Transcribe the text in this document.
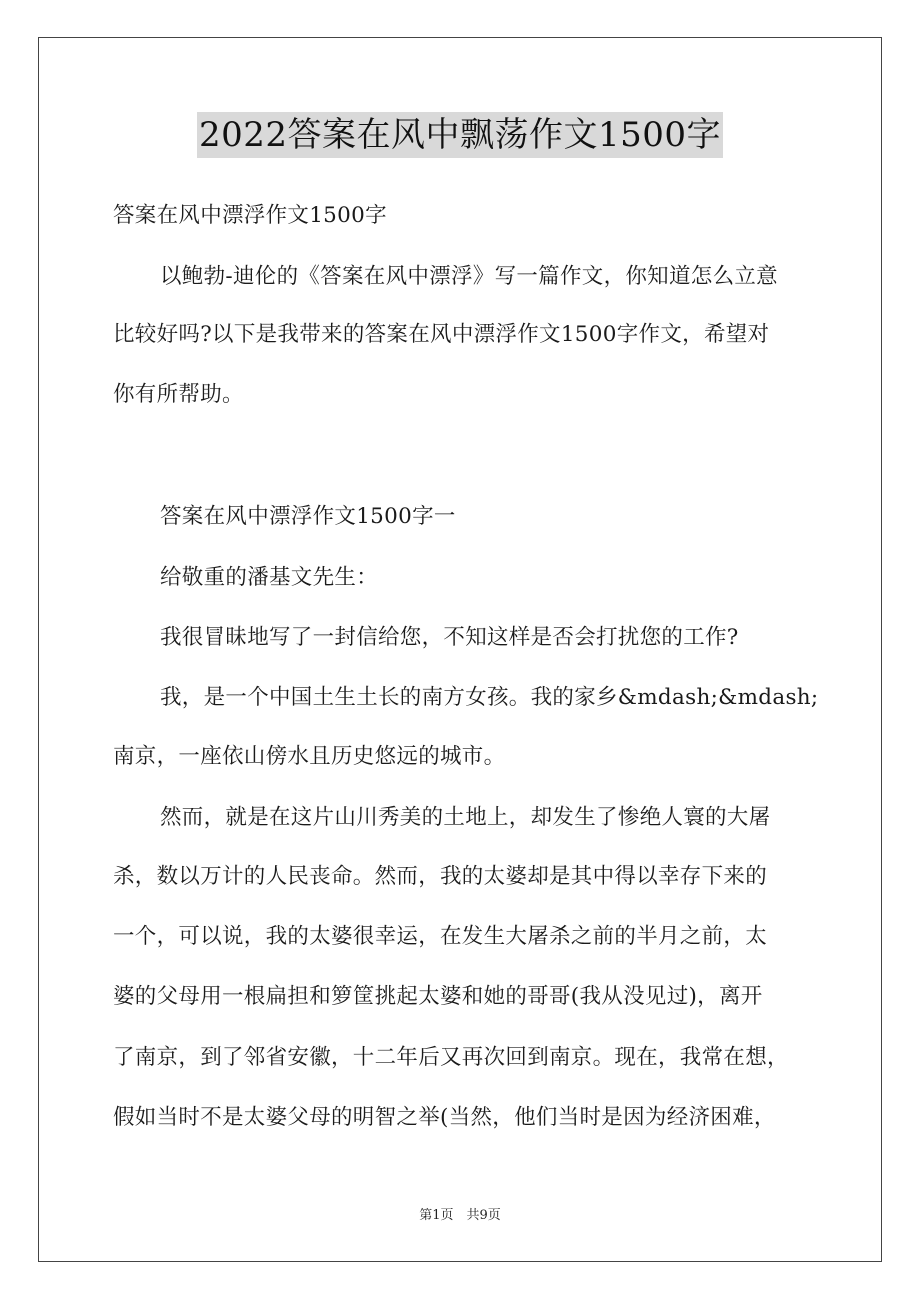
2022答案在风中飘荡作文1500字
答案在风中漂浮作文1500字
以鲍勃-迪伦的《答案在风中漂浮》写一篇作文，你知道怎么立意
比较好吗?以下是我带来的答案在风中漂浮作文1500字作文，希望对
你有所帮助。
答案在风中漂浮作文1500字一
给敬重的潘基文先生：
我很冒昧地写了一封信给您，不知这样是否会打扰您的工作?
我，是一个中国土生土长的南方女孩。我的家乡&mdash;&mdash;
南京，一座依山傍水且历史悠远的城市。
然而，就是在这片山川秀美的土地上，却发生了惨绝人寰的大屠
杀，数以万计的人民丧命。然而，我的太婆却是其中得以幸存下来的
一个，可以说，我的太婆很幸运，在发生大屠杀之前的半月之前，太
婆的父母用一根扁担和箩筐挑起太婆和她的哥哥(我从没见过)，离开
了南京，到了邻省安徽，十二年后又再次回到南京。现在，我常在想，
假如当时不是太婆父母的明智之举(当然，他们当时是因为经济困难，
第1页　共9页
